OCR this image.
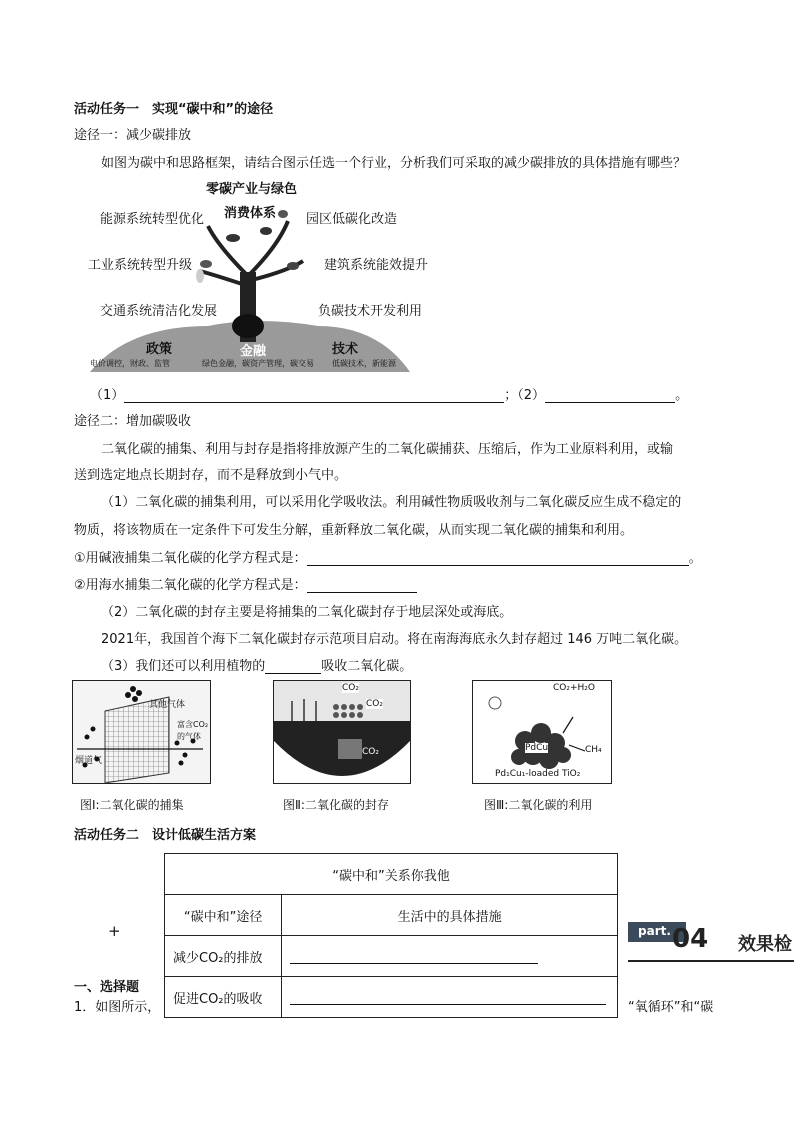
活动任务一　实现“碳中和”的途径
途径一：减少碳排放
如图为碳中和思路框架，请结合图示任选一个行业，分析我们可采取的减少碳排放的具体措施有哪些？
零碳产业与绿色
消费体系
能源系统转型优化
工业系统转型升级
交通系统清洁化发展
园区低碳化改造
建筑系统能效提升
负碳技术开发利用
政策	金融	技术
电价调控，财政、监管	绿色金融，碳资产管理，碳交易 低碳技术，新能源
（1）	；（2）	。
途径二：增加碳吸收
二氧化碳的捕集、利用与封存是指将排放源产生的二氧化碳捕获、压缩后，作为工业原料利用，或输
送到选定地点长期封存，而不是释放到小气中。
（1）二氧化碳的捕集利用，可以采用化学吸收法。利用碱性物质吸收剂与二氧化碳反应生成不稳定的
物质，将该物质在一定条件下可发生分解，重新释放二氧化碳，从而实现二氧化碳的捕集和利用。
①用碱液捕集二氧化碳的化学方程式是：	。
②用海水捕集二氧化碳的化学方程式是：
（2）二氧化碳的封存主要是将捕集的二氧化碳封存于地层深处或海底。
2021年，我国首个海下二氧化碳封存示范项目启动。将在南海海底永久封存超过 146 万吨二氧化碳。
（3）我们还可以利用植物的	吸收二氧化碳。
其他气体
烟道气
富含CO₂
的气体
图Ⅰ:二氧化碳的捕集
CO₂
CO₂
CO₂
图Ⅱ:二氧化碳的封存
CO₂+H₂O
PdCu	CH₄
Pd₁Cu₁-loaded TiO₂
图Ⅲ:二氧化碳的利用
活动任务二　设计低碳生活方案
“碳中和”关系你我他	
“碳中和”途径	生活中的具体措施
减少CO₂的排放	
促进CO₂的吸收	
+
一、选择题
1．如图所示，
part. 04 效果检
“氧循环”和“碳
